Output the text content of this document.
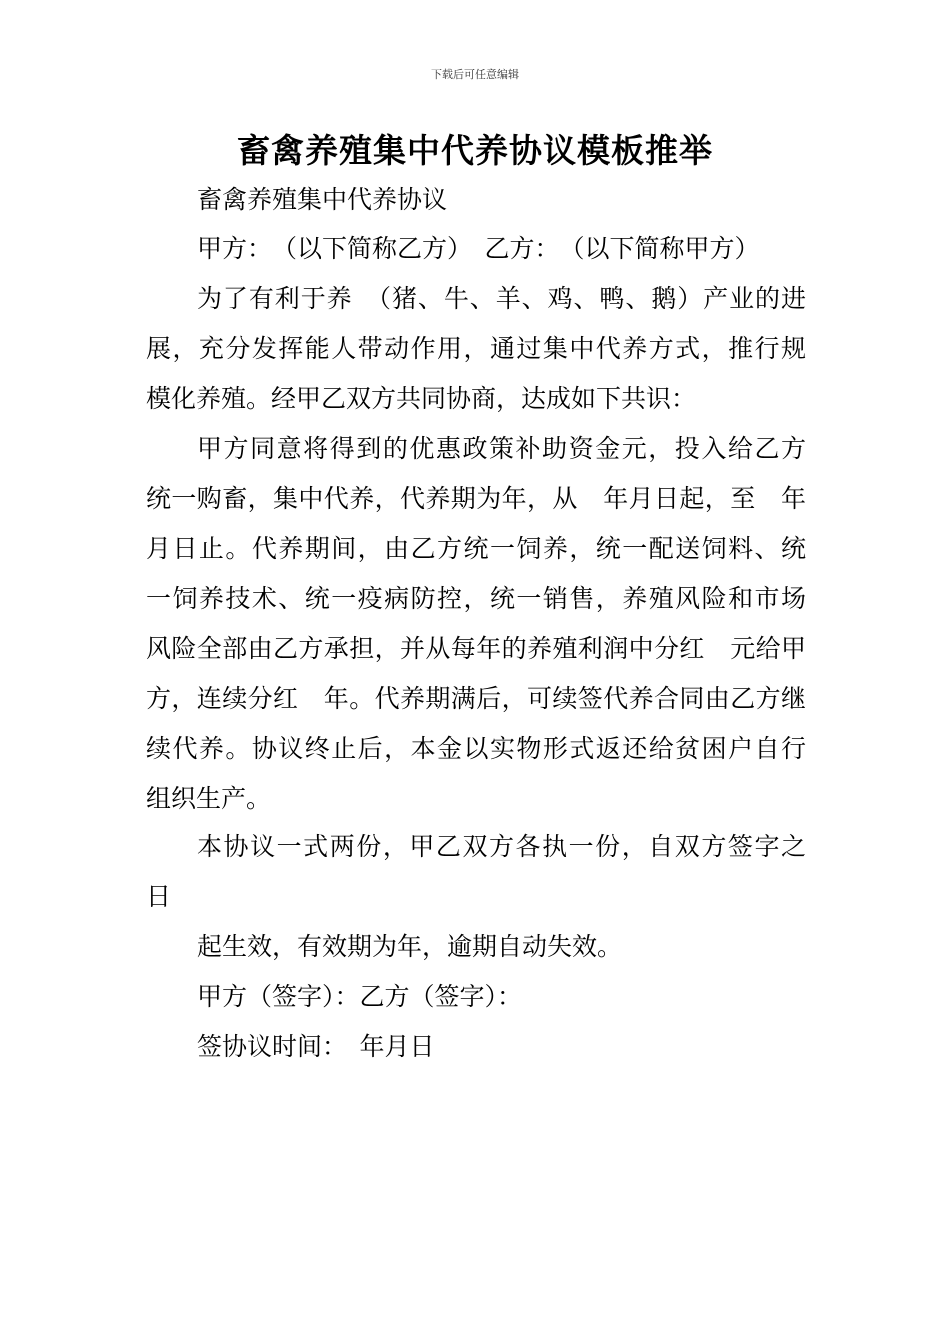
下载后可任意编辑
畜禽养殖集中代养协议模板推举
畜禽养殖集中代养协议
甲方：　（以下简称乙方）　乙方：　（以下简称甲方）
为了有利于养　（猪、牛、羊、鸡、鸭、鹅）产业的进
展，充分发挥能人带动作用，通过集中代养方式，推行规
模化养殖。经甲乙双方共同协商，达成如下共识：
甲方同意将得到的优惠政策补助资金元，投入给乙方
统一购畜，集中代养，代养期为年，从　年月日起，至　年
月日止。代养期间，由乙方统一饲养，统一配送饲料、统
一饲养技术、统一疫病防控，统一销售，养殖风险和市场
风险全部由乙方承担，并从每年的养殖利润中分红　元给甲
方，连续分红　年。代养期满后，可续签代养合同由乙方继
续代养。协议终止后，本金以实物形式返还给贫困户自行
组织生产。
本协议一式两份，甲乙双方各执一份，自双方签字之
日
起生效，有效期为年，逾期自动失效。
甲方（签字）：乙方（签字）：
签协议时间：　年月日
